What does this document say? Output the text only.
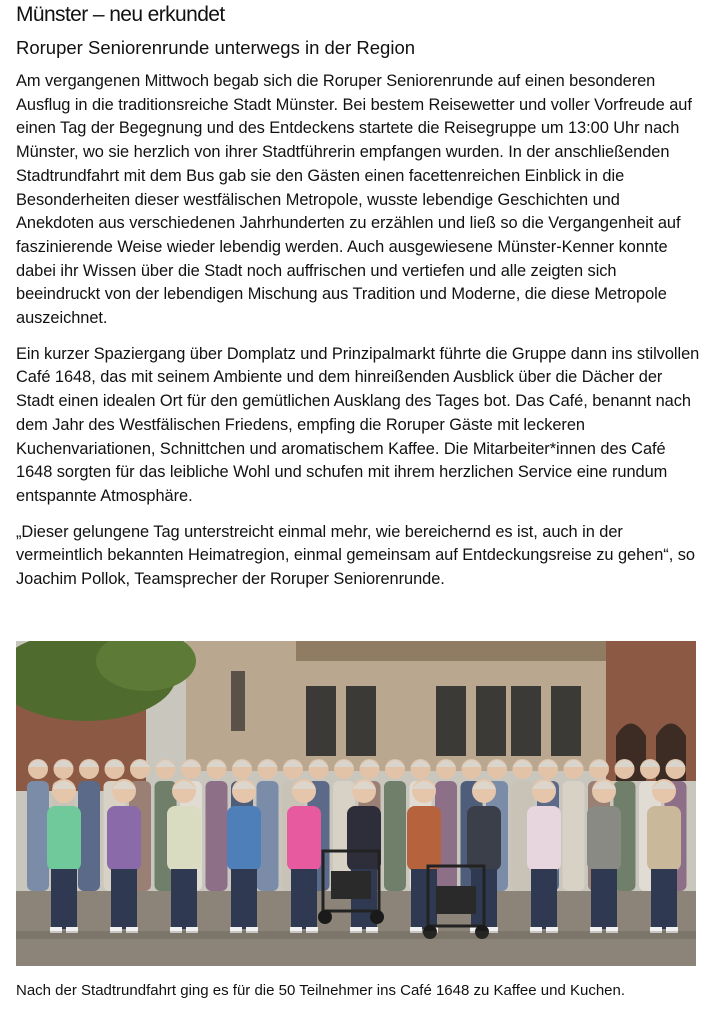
Münster – neu erkundet
Roruper Seniorenrunde unterwegs in der Region

Am vergangenen Mittwoch begab sich die Roruper Seniorenrunde auf einen besonderen Ausflug in die traditionsreiche Stadt Münster. Bei bestem Reisewetter und voller Vorfreude auf einen Tag der Begegnung und des Entdeckens startete die Reisegruppe um 13:00 Uhr nach Münster, wo sie herzlich von ihrer Stadtführerin empfangen wurden. In der anschließenden Stadtrundfahrt mit dem Bus gab sie den Gästen einen facettenreichen Einblick in die Besonderheiten dieser westfälischen Metropole, wusste lebendige Geschichten und Anekdoten aus verschiedenen Jahrhunderten zu erzählen und ließ so die Vergangenheit auf faszinierende Weise wieder lebendig werden. Auch ausgewiesene Münster-Kenner konnte dabei ihr Wissen über die Stadt noch auffrischen und vertiefen und alle zeigten sich beeindruckt von der lebendigen Mischung aus Tradition und Moderne, die diese Metropole auszeichnet.

Ein kurzer Spaziergang über Domplatz und Prinzipalmarkt führte die Gruppe dann ins stilvollen Café 1648, das mit seinem Ambiente und dem hinreißenden Ausblick über die Dächer der Stadt einen idealen Ort für den gemütlichen Ausklang des Tages bot. Das Café, benannt nach dem Jahr des Westfälischen Friedens, empfing die Roruper Gäste mit leckeren Kuchenvariationen, Schnittchen und aromatischem Kaffee. Die Mitarbeiter*innen des Café 1648 sorgten für das leibliche Wohl und schufen mit ihrem herzlichen Service eine rundum entspannte Atmosphäre.

„Dieser gelungene Tag unterstreicht einmal mehr, wie bereichernd es ist, auch in der vermeintlich bekannten Heimatregion, einmal gemeinsam auf Entdeckungsreise zu gehen“, so Joachim Pollok, Teamsprecher der Roruper Seniorenrunde.

Nach der Stadtrundfahrt ging es für die 50 Teilnehmer ins Café 1648 zu Kaffee und Kuchen.
